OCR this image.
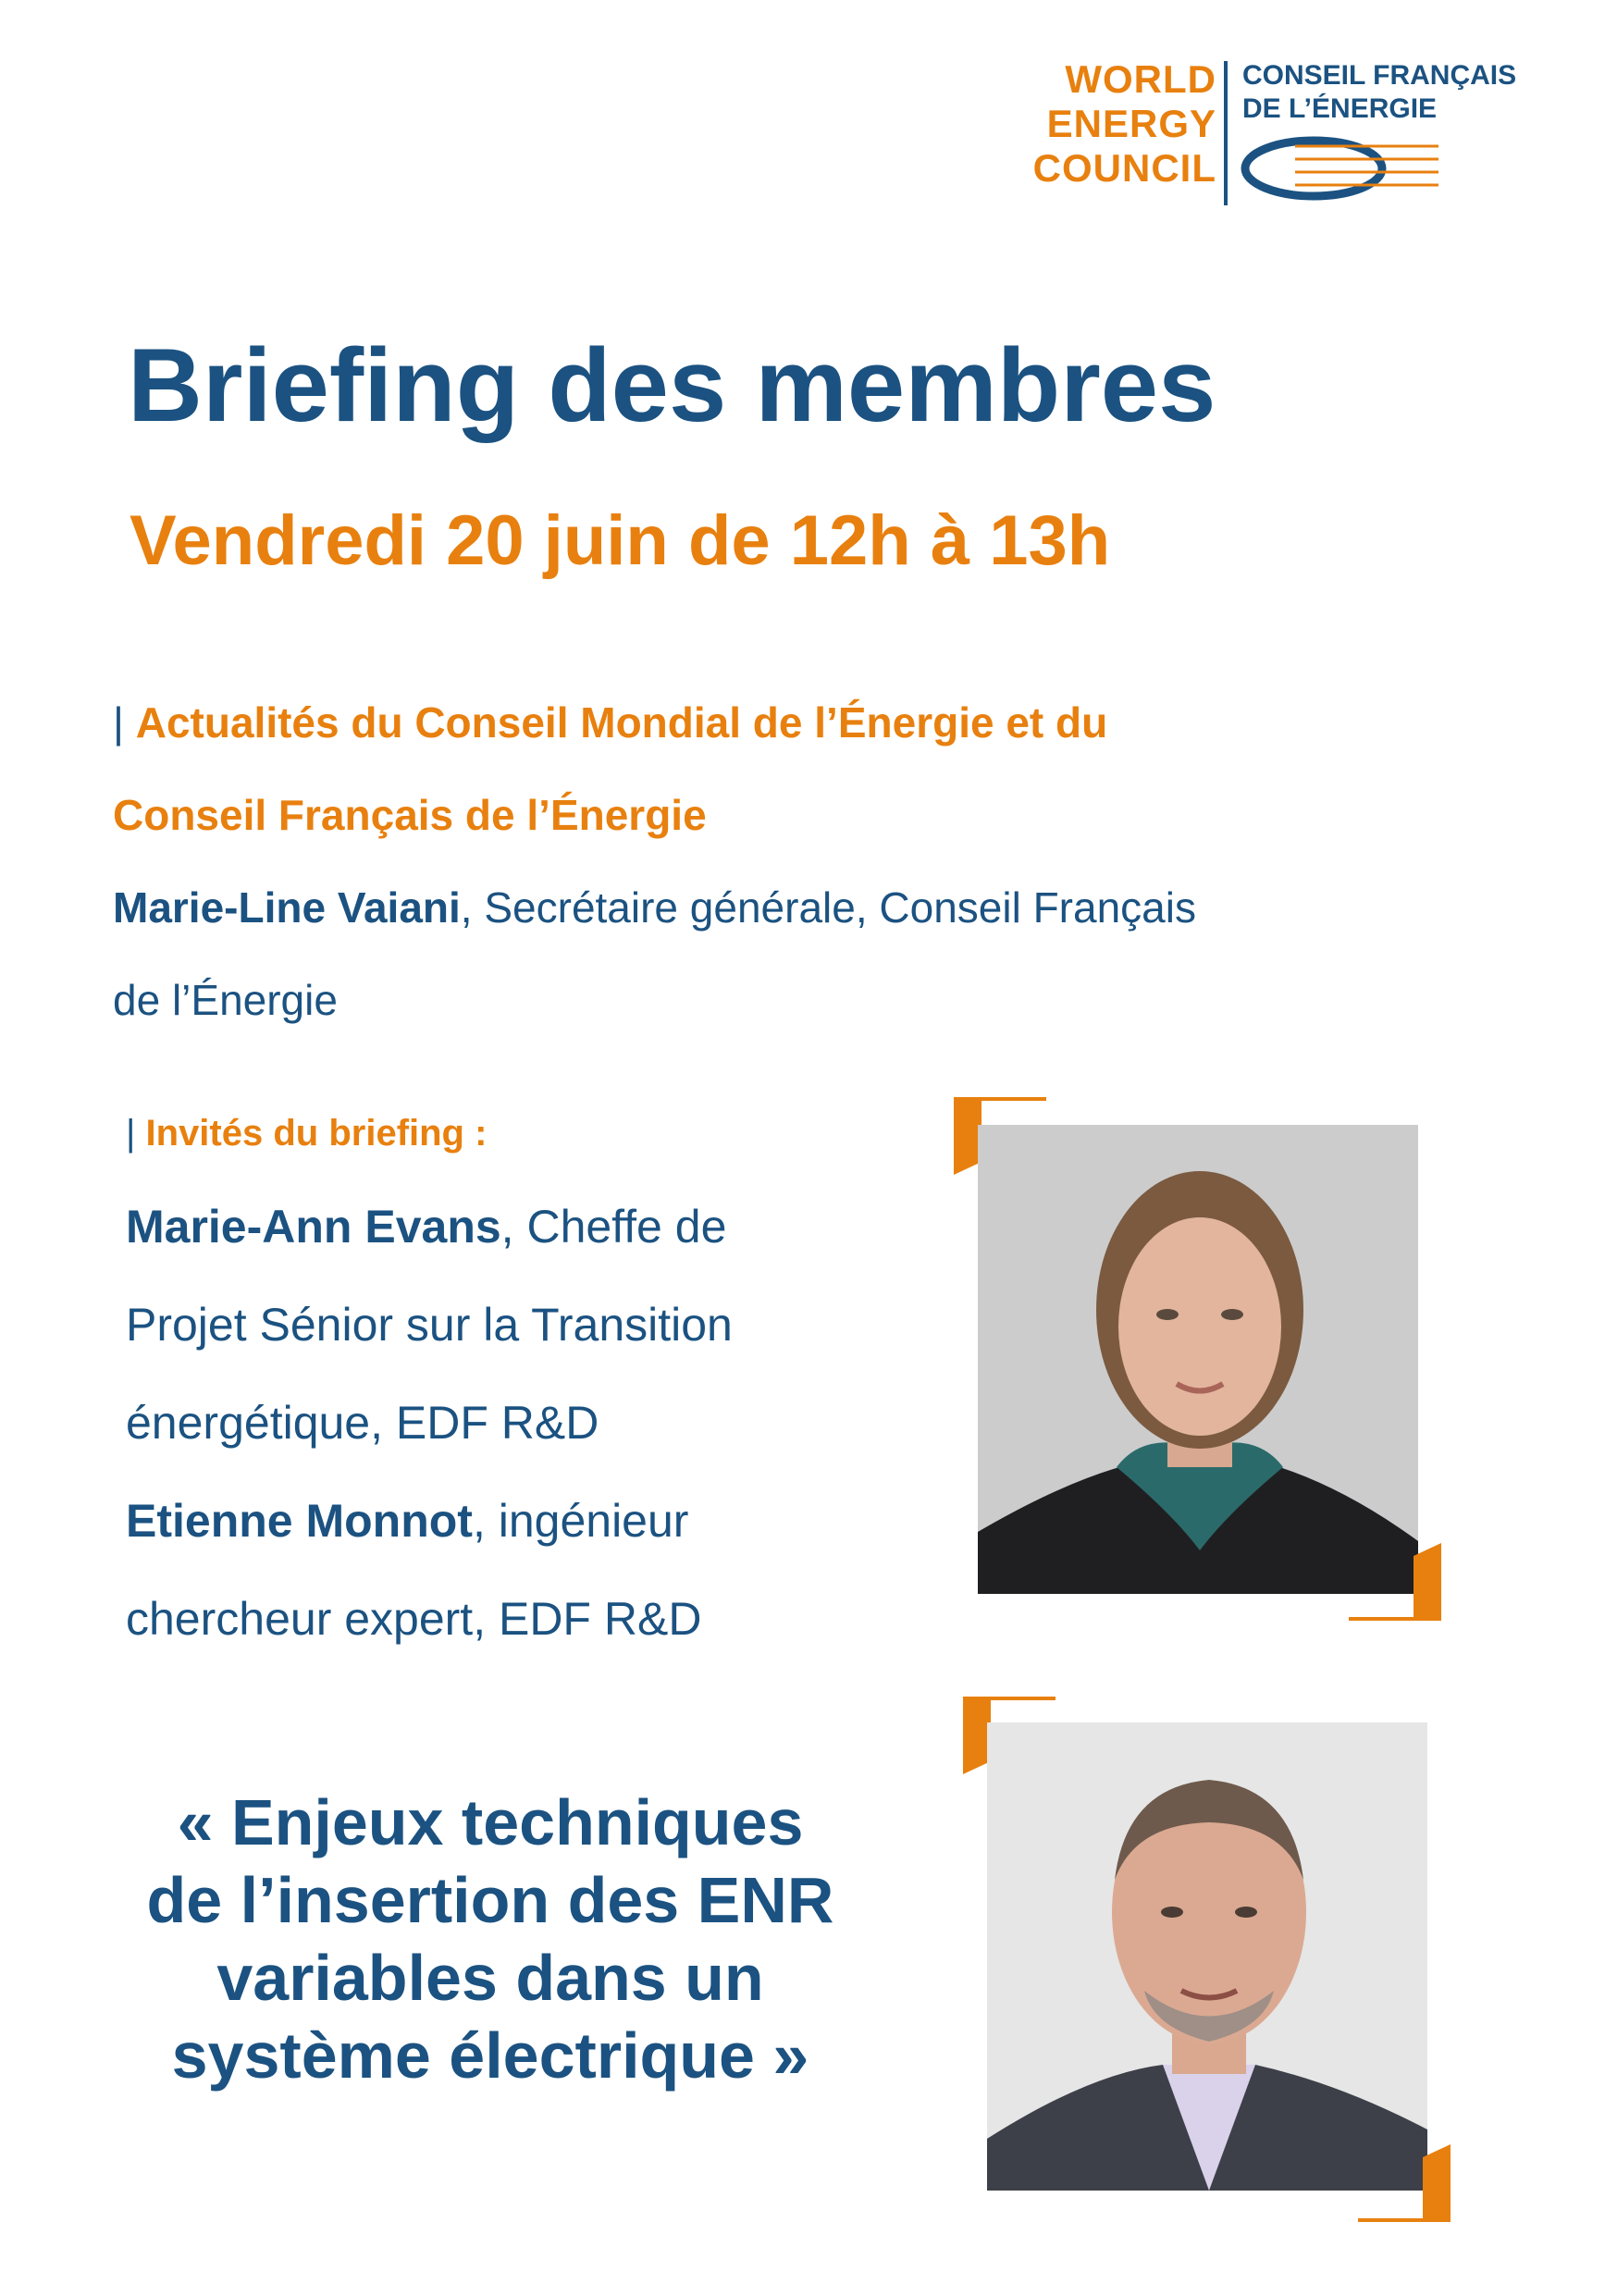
WORLD
ENERGY
COUNCIL
CONSEIL FRANÇAIS
DE L’ÉNERGIE
Briefing des membres
Vendredi 20 juin de 12h à 13h
| Actualités du Conseil Mondial de l’Énergie et du
Conseil Français de l’Énergie
Marie-Line Vaiani, Secrétaire générale, Conseil Français
de l’Énergie
| Invités du briefing :
Marie-Ann Evans, Cheffe de
Projet Sénior sur la Transition
énergétique, EDF R&D
Etienne Monnot, ingénieur
chercheur expert, EDF R&D
« Enjeux techniques
de l’insertion des ENR
variables dans un
système électrique »
